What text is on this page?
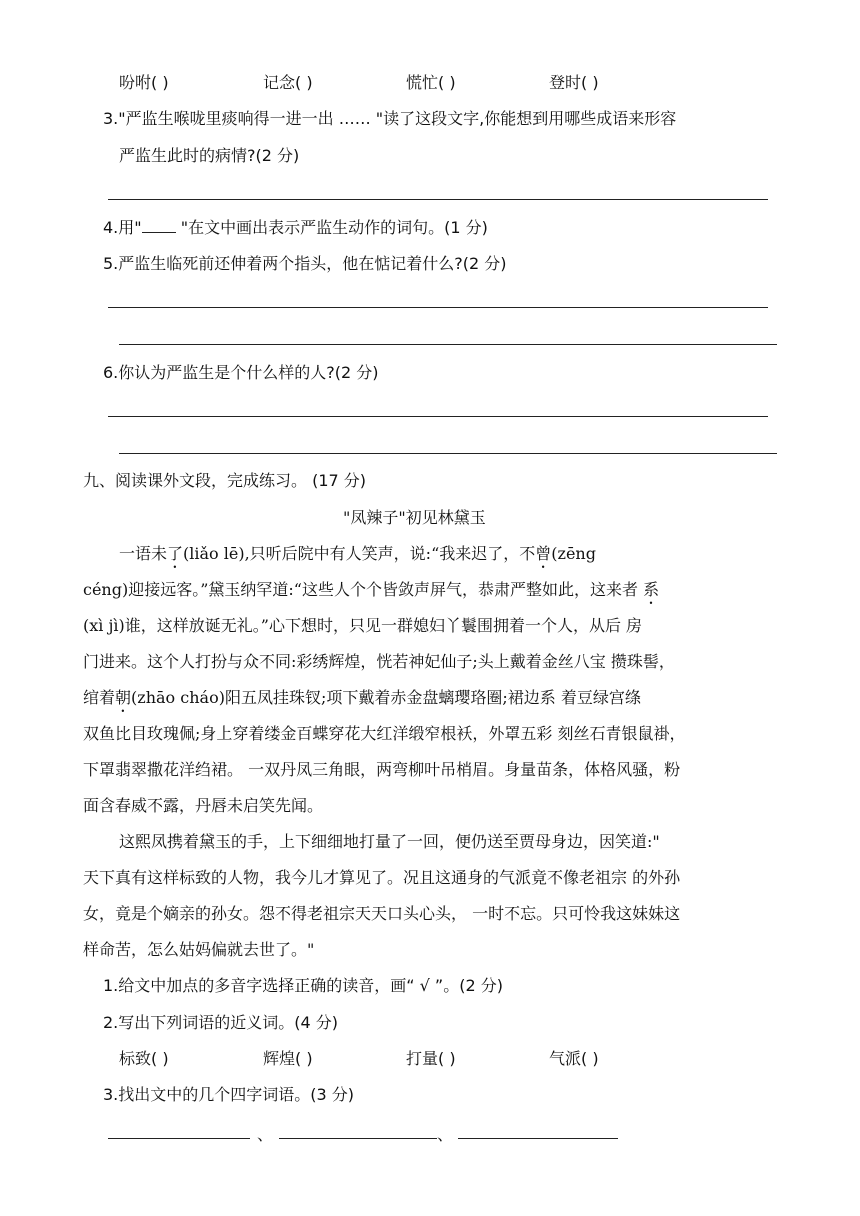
吩咐( )	记念( )	慌忙( )	登时( )
3."严监生喉咙里痰响得一进一出 …… "读了这段文字,你能想到用哪些成语来形容
严监生此时的病情?(2 分)
4.用" "在文中画出表示严监生动作的词句。(1 分)
5.严监生临死前还伸着两个指头，他在惦记着什么?(2 分)
6.你认为严监生是个什么样的人?(2 分)
九、阅读课外文段，完成练习。 (17 分)
"凤辣子"初见林黛玉
一语未了(liǎo lē),只听后院中有人笑声，说:“我来迟了，不曾(zēng
céng)迎接远客。”黛玉纳罕道:“这些人个个皆敛声屏气，恭肃严整如此，这来者 系
(xì jì)谁，这样放诞无礼。”心下想时，只见一群媳妇丫鬟围拥着一个人，从后 房
门进来。这个人打扮与众不同:彩绣辉煌，恍若神妃仙子;头上戴着金丝八宝 攒珠髻，
绾着朝(zhāo cháo)阳五凤挂珠钗;项下戴着赤金盘螭璎珞圈;裙边系 着豆绿宫绦
双鱼比目玫瑰佩;身上穿着缕金百蝶穿花大红洋缎窄根袄，外罩五彩 刻丝石青银鼠褂，
下罩翡翠撒花洋绉裙。 一双丹凤三角眼，两弯柳叶吊梢眉。身量苗条，体格风骚，粉
面含春威不露，丹唇未启笑先闻。
这熙凤携着黛玉的手，上下细细地打量了一回，便仍送至贾母身边，因笑道:"
天下真有这样标致的人物，我今儿才算见了。况且这通身的气派竟不像老祖宗 的外孙
女，竟是个嫡亲的孙女。怨不得老祖宗天天口头心头， 一时不忘。只可怜我这妹妹这
样命苦，怎么姑妈偏就去世了。"
1.给文中加点的多音字选择正确的读音，画“ √ ”。(2 分)
2.写出下列词语的近义词。(4 分)
标致( )	辉煌( )	打量( )	气派( )
3.找出文中的几个四字词语。(3 分)
、	、
